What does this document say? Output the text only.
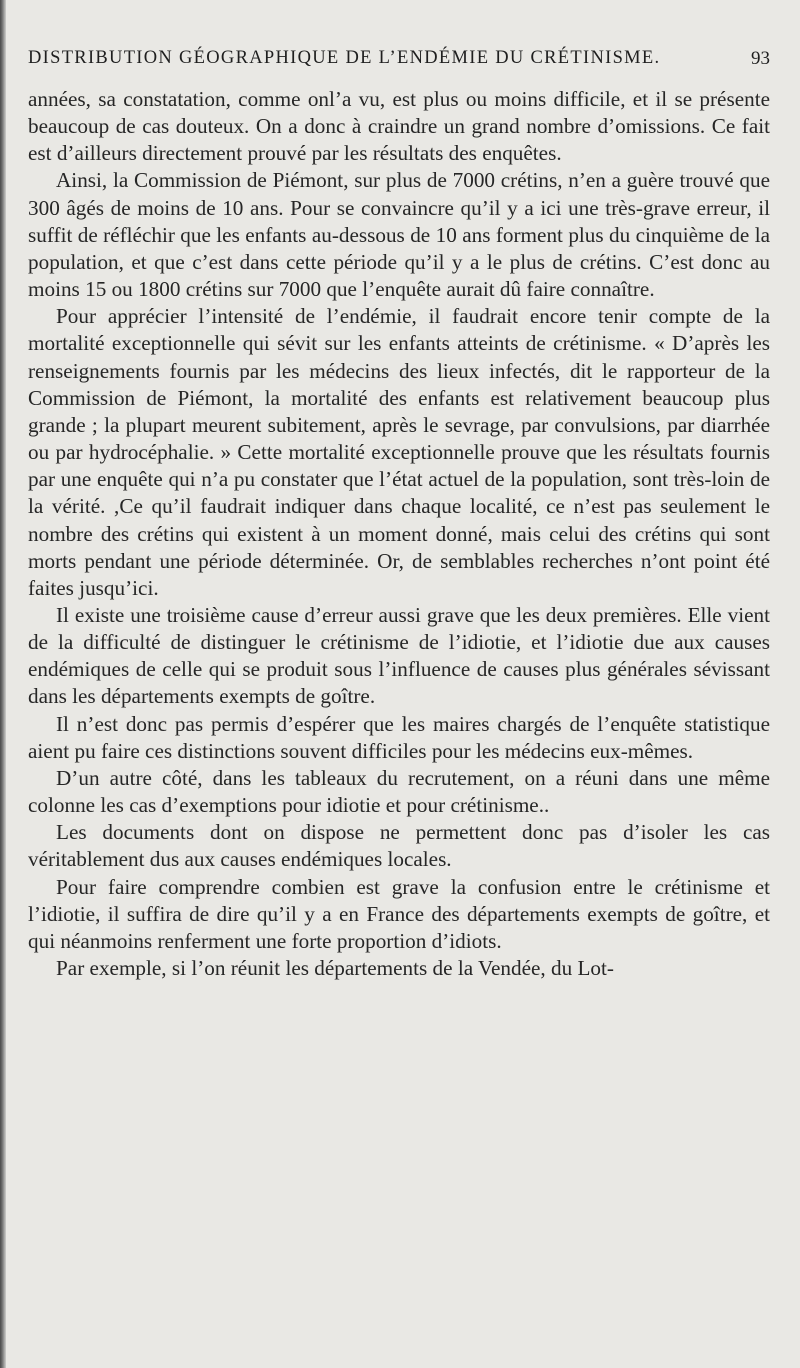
DISTRIBUTION GÉOGRAPHIQUE DE L’ENDÉMIE DU CRÉTINISME.	93

années, sa constatation, comme onl’a vu, est plus ou moins difficile, et il se présente beaucoup de cas douteux. On a donc à craindre un grand nombre d’omissions. Ce fait est d’ailleurs directement prouvé par les résultats des enquêtes.

Ainsi, la Commission de Piémont, sur plus de 7000 crétins, n’en a guère trouvé que 300 âgés de moins de 10 ans. Pour se convaincre qu’il y a ici une très-grave erreur, il suffit de réfléchir que les enfants au-dessous de 10 ans forment plus du cinquième de la population, et que c’est dans cette période qu’il y a le plus de crétins. C’est donc au moins 15 ou 1800 crétins sur 7000 que l’enquête aurait dû faire connaître.

Pour apprécier l’intensité de l’endémie, il faudrait encore tenir compte de la mortalité exceptionnelle qui sévit sur les enfants atteints de crétinisme. « D’après les renseignements fournis par les médecins des lieux infectés, dit le rapporteur de la Commission de Piémont, la mortalité des enfants est relativement beaucoup plus grande ; la plupart meurent subitement, après le sevrage, par convulsions, par diarrhée ou par hydrocéphalie. » Cette mortalité exceptionnelle prouve que les résultats fournis par une enquête qui n’a pu constater que l’état actuel de la population, sont très-loin de la vérité. ,Ce qu’il faudrait indiquer dans chaque localité, ce n’est pas seulement le nombre des crétins qui existent à un moment donné, mais celui des crétins qui sont morts pendant une période déterminée. Or, de semblables recherches n’ont point été faites jusqu’ici.

Il existe une troisième cause d’erreur aussi grave que les deux premières. Elle vient de la difficulté de distinguer le crétinisme de l’idiotie, et l’idiotie due aux causes endémiques de celle qui se produit sous l’influence de causes plus générales sévissant dans les départements exempts de goître.

Il n’est donc pas permis d’espérer que les maires chargés de l’enquête statistique aient pu faire ces distinctions souvent difficiles pour les médecins eux-mêmes.

D’un autre côté, dans les tableaux du recrutement, on a réuni dans une même colonne les cas d’exemptions pour idiotie et pour crétinisme..

Les documents dont on dispose ne permettent donc pas d’isoler les cas véritablement dus aux causes endémiques locales.

Pour faire comprendre combien est grave la confusion entre le crétinisme et l’idiotie, il suffira de dire qu’il y a en France des départements exempts de goître, et qui néanmoins renferment une forte proportion d’idiots.

Par exemple, si l’on réunit les départements de la Vendée, du Lot-
